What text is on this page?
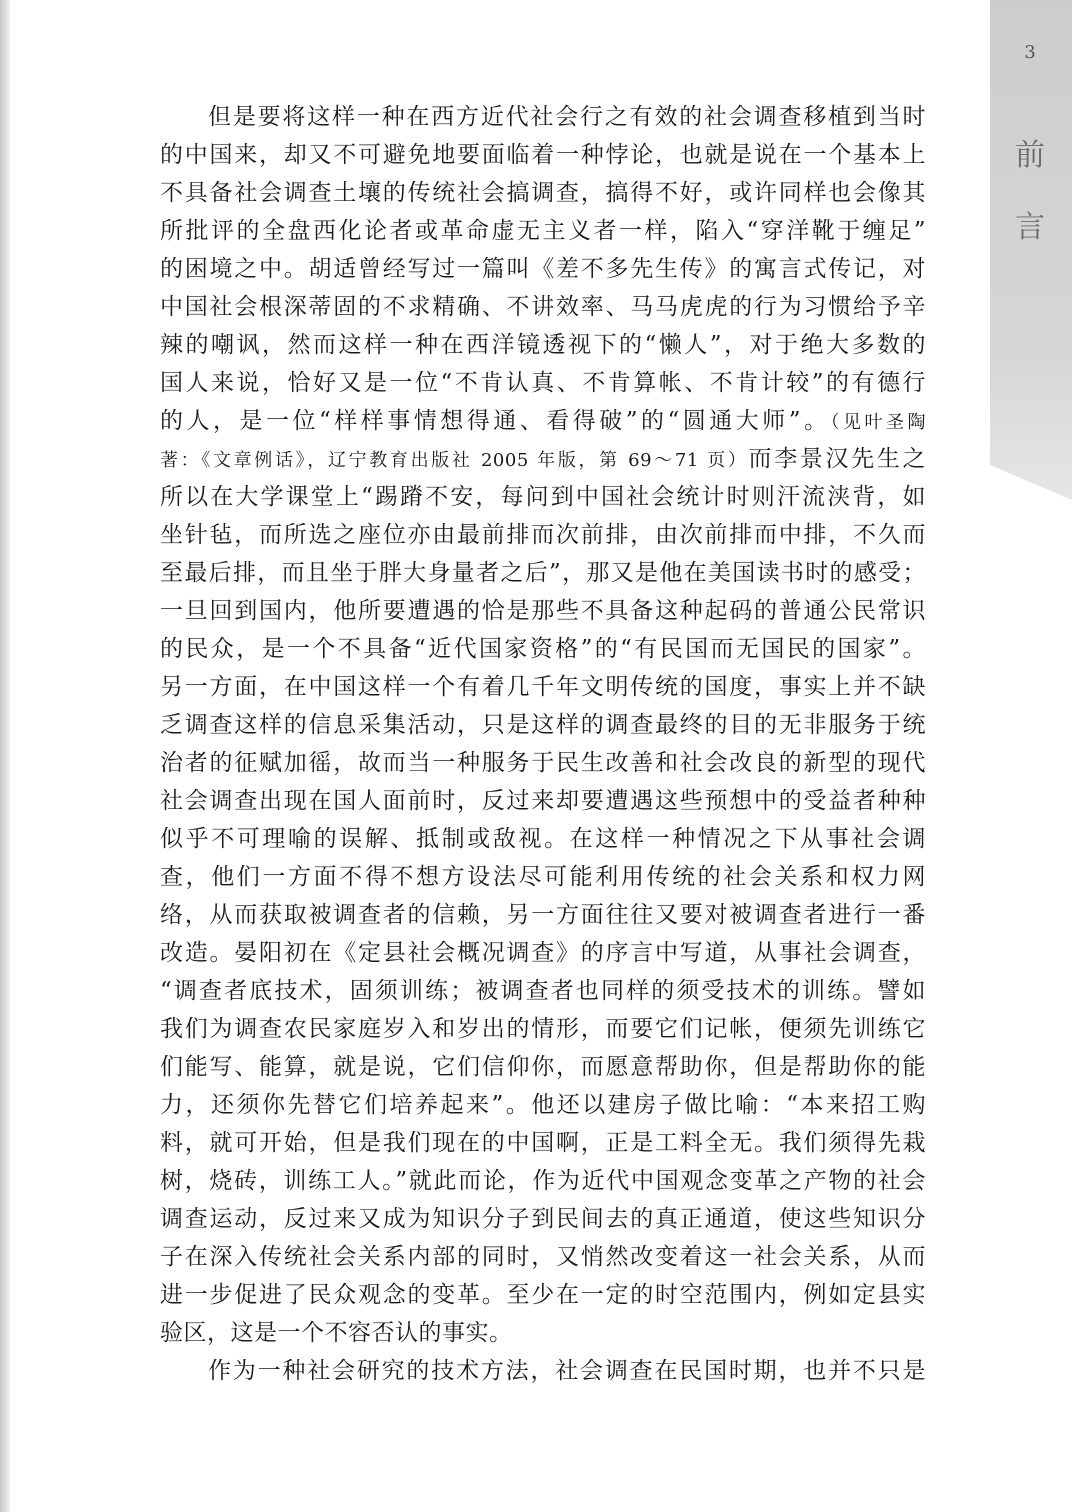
3
前
言
但是要将这样一种在西方近代社会行之有效的社会调查移植到当时
的中国来，却又不可避免地要面临着一种悖论，也就是说在一个基本上
不具备社会调查土壤的传统社会搞调查，搞得不好，或许同样也会像其
所批评的全盘西化论者或革命虚无主义者一样，陷入“穿洋靴于缠足”
的困境之中。胡适曾经写过一篇叫《差不多先生传》的寓言式传记，对
中国社会根深蒂固的不求精确、不讲效率、马马虎虎的行为习惯给予辛
辣的嘲讽，然而这样一种在西洋镜透视下的“懒人”，对于绝大多数的
国人来说，恰好又是一位“不肯认真、不肯算帐、不肯计较”的有德行
的人，是一位“样样事情想得通、看得破”的“圆通大师”。（见叶圣陶
著：《文章例话》，辽宁教育出版社 2005 年版，第 69～71 页）而李景汉先生之
所以在大学课堂上“踢蹐不安，每问到中国社会统计时则汗流浃背，如
坐针毡，而所选之座位亦由最前排而次前排，由次前排而中排，不久而
至最后排，而且坐于胖大身量者之后”，那又是他在美国读书时的感受；
一旦回到国内，他所要遭遇的恰是那些不具备这种起码的普通公民常识
的民众，是一个不具备“近代国家资格”的“有民国而无国民的国家”。
另一方面，在中国这样一个有着几千年文明传统的国度，事实上并不缺
乏调查这样的信息采集活动，只是这样的调查最终的目的无非服务于统
治者的征赋加徭，故而当一种服务于民生改善和社会改良的新型的现代
社会调查出现在国人面前时，反过来却要遭遇这些预想中的受益者种种
似乎不可理喻的误解、抵制或敌视。在这样一种情况之下从事社会调
查，他们一方面不得不想方设法尽可能利用传统的社会关系和权力网
络，从而获取被调查者的信赖，另一方面往往又要对被调查者进行一番
改造。晏阳初在《定县社会概况调查》的序言中写道，从事社会调查，
“调查者底技术，固须训练；被调查者也同样的须受技术的训练。譬如
我们为调查农民家庭岁入和岁出的情形，而要它们记帐，便须先训练它
们能写、能算，就是说，它们信仰你，而愿意帮助你，但是帮助你的能
力，还须你先替它们培养起来”。他还以建房子做比喻：“本来招工购
料，就可开始，但是我们现在的中国啊，正是工料全无。我们须得先栽
树，烧砖，训练工人。”就此而论，作为近代中国观念变革之产物的社会
调查运动，反过来又成为知识分子到民间去的真正通道，使这些知识分
子在深入传统社会关系内部的同时，又悄然改变着这一社会关系，从而
进一步促进了民众观念的变革。至少在一定的时空范围内，例如定县实
验区，这是一个不容否认的事实。
作为一种社会研究的技术方法，社会调查在民国时期，也并不只是
